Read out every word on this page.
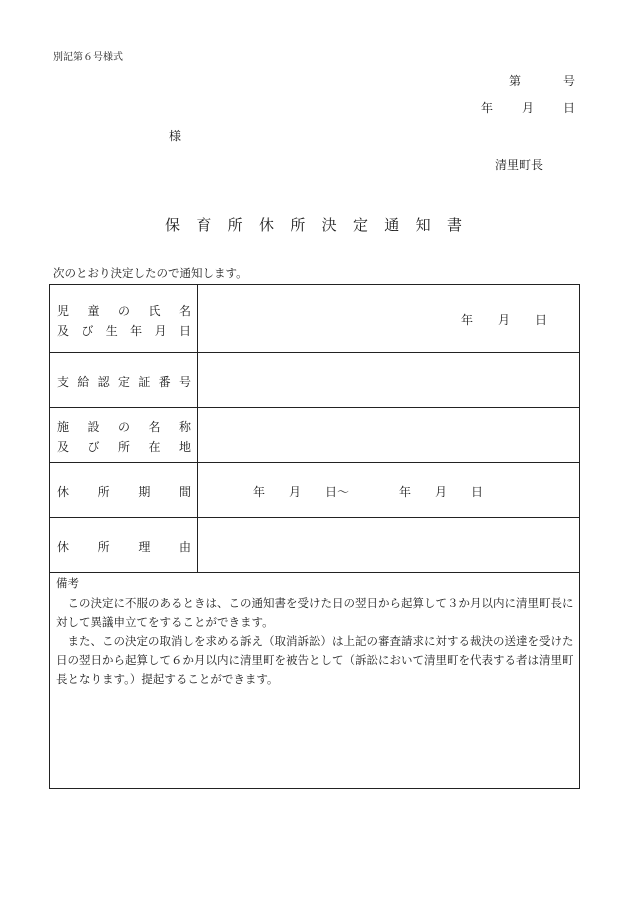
別記第６号様式
第	号
年 月 日
様
清里町長
保 育 所 休 所 決 定 通 知 書
次のとおり決定したので通知します。
児 童 の 氏 名
及 び 生 年 月 日
年 月 日
支 給 認 定 証 番 号
施 設 の 名 称
及 び 所 在 地
休 所 期 間	年 月 日〜	年 月 日
休 所 理 由
備考
　この決定に不服のあるときは、この通知書を受けた日の翌日から起算して３か月以内に清里町長に
対して異議申立てをすることができます。
　また、この決定の取消しを求める訴え（取消訴訟）は上記の審査請求に対する裁決の送達を受けた
日の翌日から起算して６か月以内に清里町を被告として（訴訟において清里町を代表する者は清里町
長となります。）提起することができます。
